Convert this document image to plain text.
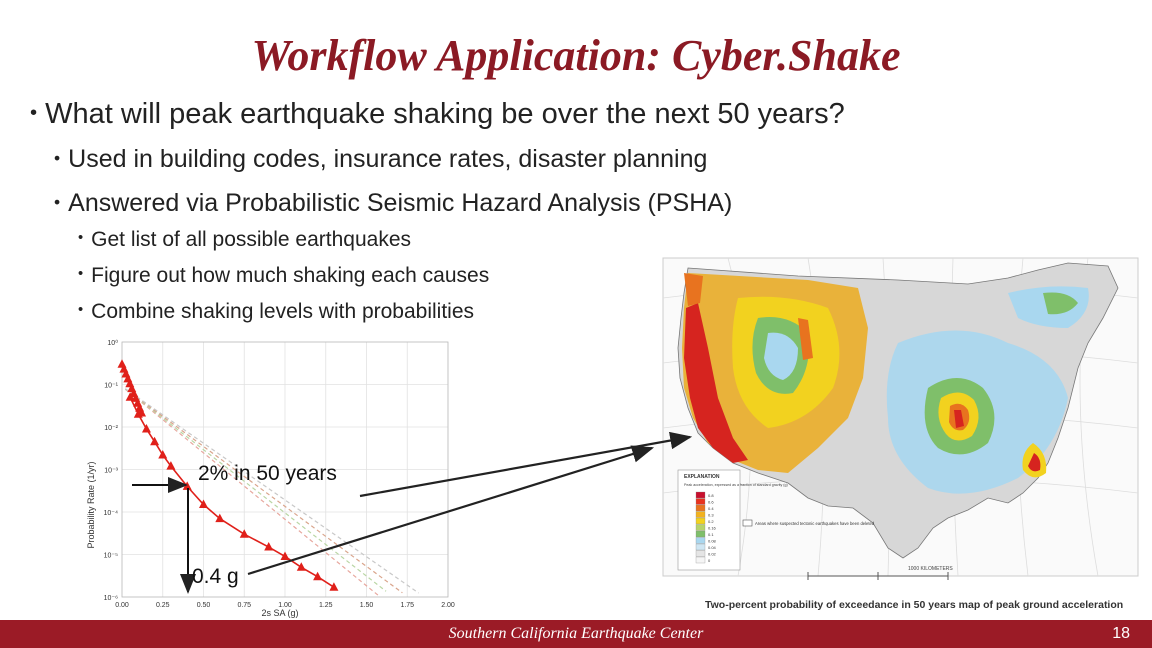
Workflow Application: Cyber.Shake
• What will peak earthquake shaking be over the next 50 years?
• Used in building codes, insurance rates, disaster planning
• Answered via Probabilistic Seismic Hazard Analysis (PSHA)
• Get list of all possible earthquakes
• Figure out how much shaking each causes
• Combine shaking levels with probabilities
0.00	0.25	0.50	0.75	1.00	1.25	1.50	1.75	2.00
10⁰
10⁻¹
10⁻²
10⁻³
10⁻⁴
10⁻⁵
10⁻⁶
Probability Rate (1/yr)
2s SA (g)
EXPLANATION
Peak acceleration, expressed as a fraction of standard gravity (g)
0.8
0.6
0.4
0.3
0.2
0.16
0.1
0.08
0.04
0.02
0
Areas where suspected tectonic earthquakes have been deleted
1000 KILOMETERS
Two-percent probability of exceedance in 50 years map of peak ground acceleration
2% in 50 years
0.4 g
Southern California Earthquake Center	18
